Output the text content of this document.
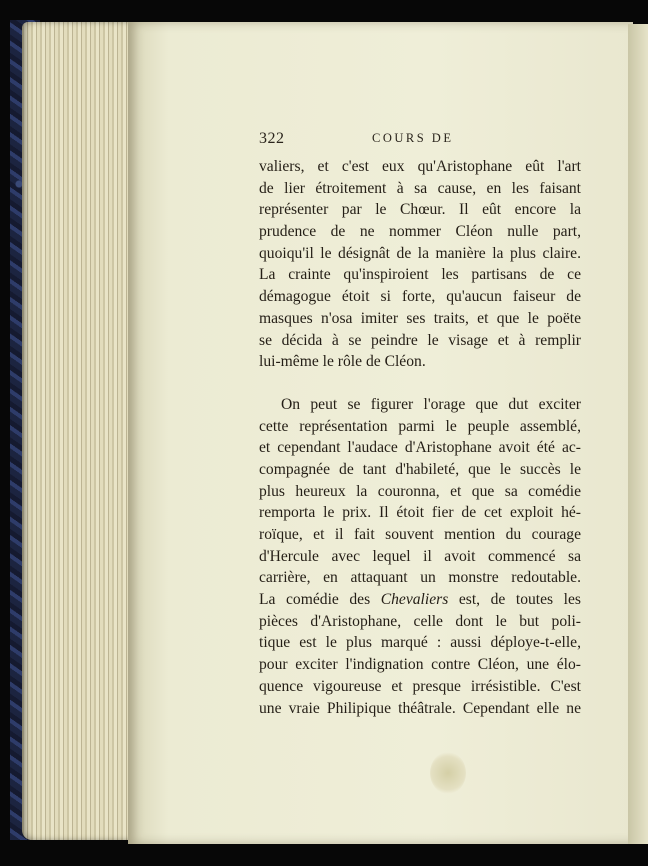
322	COURS DE
valiers, et c'est eux qu'Aristophane eût l'art
de lier étroitement à sa cause, en les faisant
représenter par le Chœur. Il eût encore la
prudence de ne nommer Cléon nulle part,
quoiqu'il le désignât de la manière la plus claire.
La crainte qu'inspiroient les partisans de ce
démagogue étoit si forte, qu'aucun faiseur de
masques n'osa imiter ses traits, et que le poëte
se décida à se peindre le visage et à remplir
lui-même le rôle de Cléon.
On peut se figurer l'orage que dut exciter
cette représentation parmi le peuple assemblé,
et cependant l'audace d'Aristophane avoit été ac-
compagnée de tant d'habileté, que le succès le
plus heureux la couronna, et que sa comédie
remporta le prix. Il étoit fier de cet exploit hé-
roïque, et il fait souvent mention du courage
d'Hercule avec lequel il avoit commencé sa
carrière, en attaquant un monstre redoutable.
La comédie des Chevaliers est, de toutes les
pièces d'Aristophane, celle dont le but poli-
tique est le plus marqué : aussi déploye-t-elle,
pour exciter l'indignation contre Cléon, une élo-
quence vigoureuse et presque irrésistible. C'est
une vraie Philipique théâtrale. Cependant elle ne
